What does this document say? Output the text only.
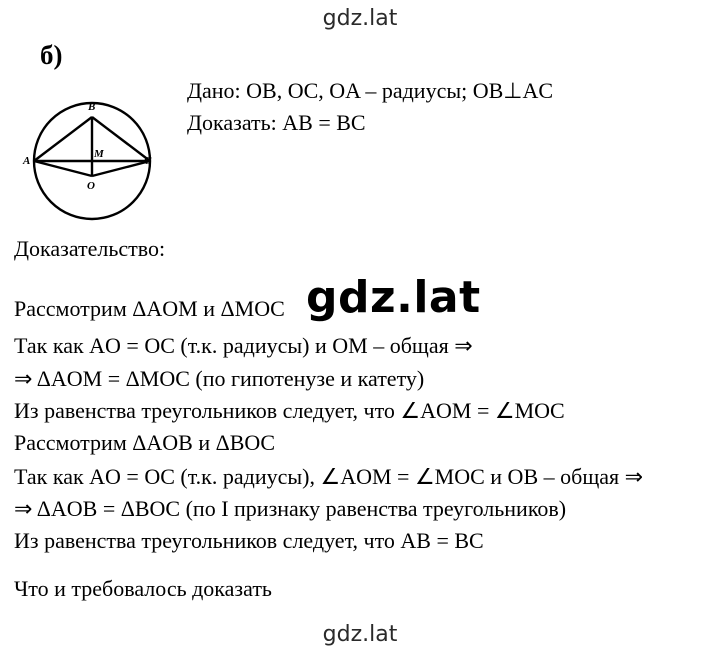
gdz.lat
б)
B
A	C
M
O
Дано: OB, OC, OA – радиусы; OB⊥AC
Доказать: AB = BC
Доказательство:
gdz.lat
Рассмотрим ΔAOM и ΔMOC
Так как AO = OC (т.к. радиусы) и OM – общая ⇒
⇒ ΔAOM = ΔMOC (по гипотенузе и катету)
Из равенства треугольников следует, что ∠AOM = ∠MOC
Рассмотрим ΔAOB и ΔBOC
Так как AO = OC (т.к. радиусы), ∠AOM = ∠MOC и OB – общая ⇒
⇒ ΔAOB = ΔBOC (по I признаку равенства треугольников)
Из равенства треугольников следует, что AB = BC
Что и требовалось доказать
gdz.lat
